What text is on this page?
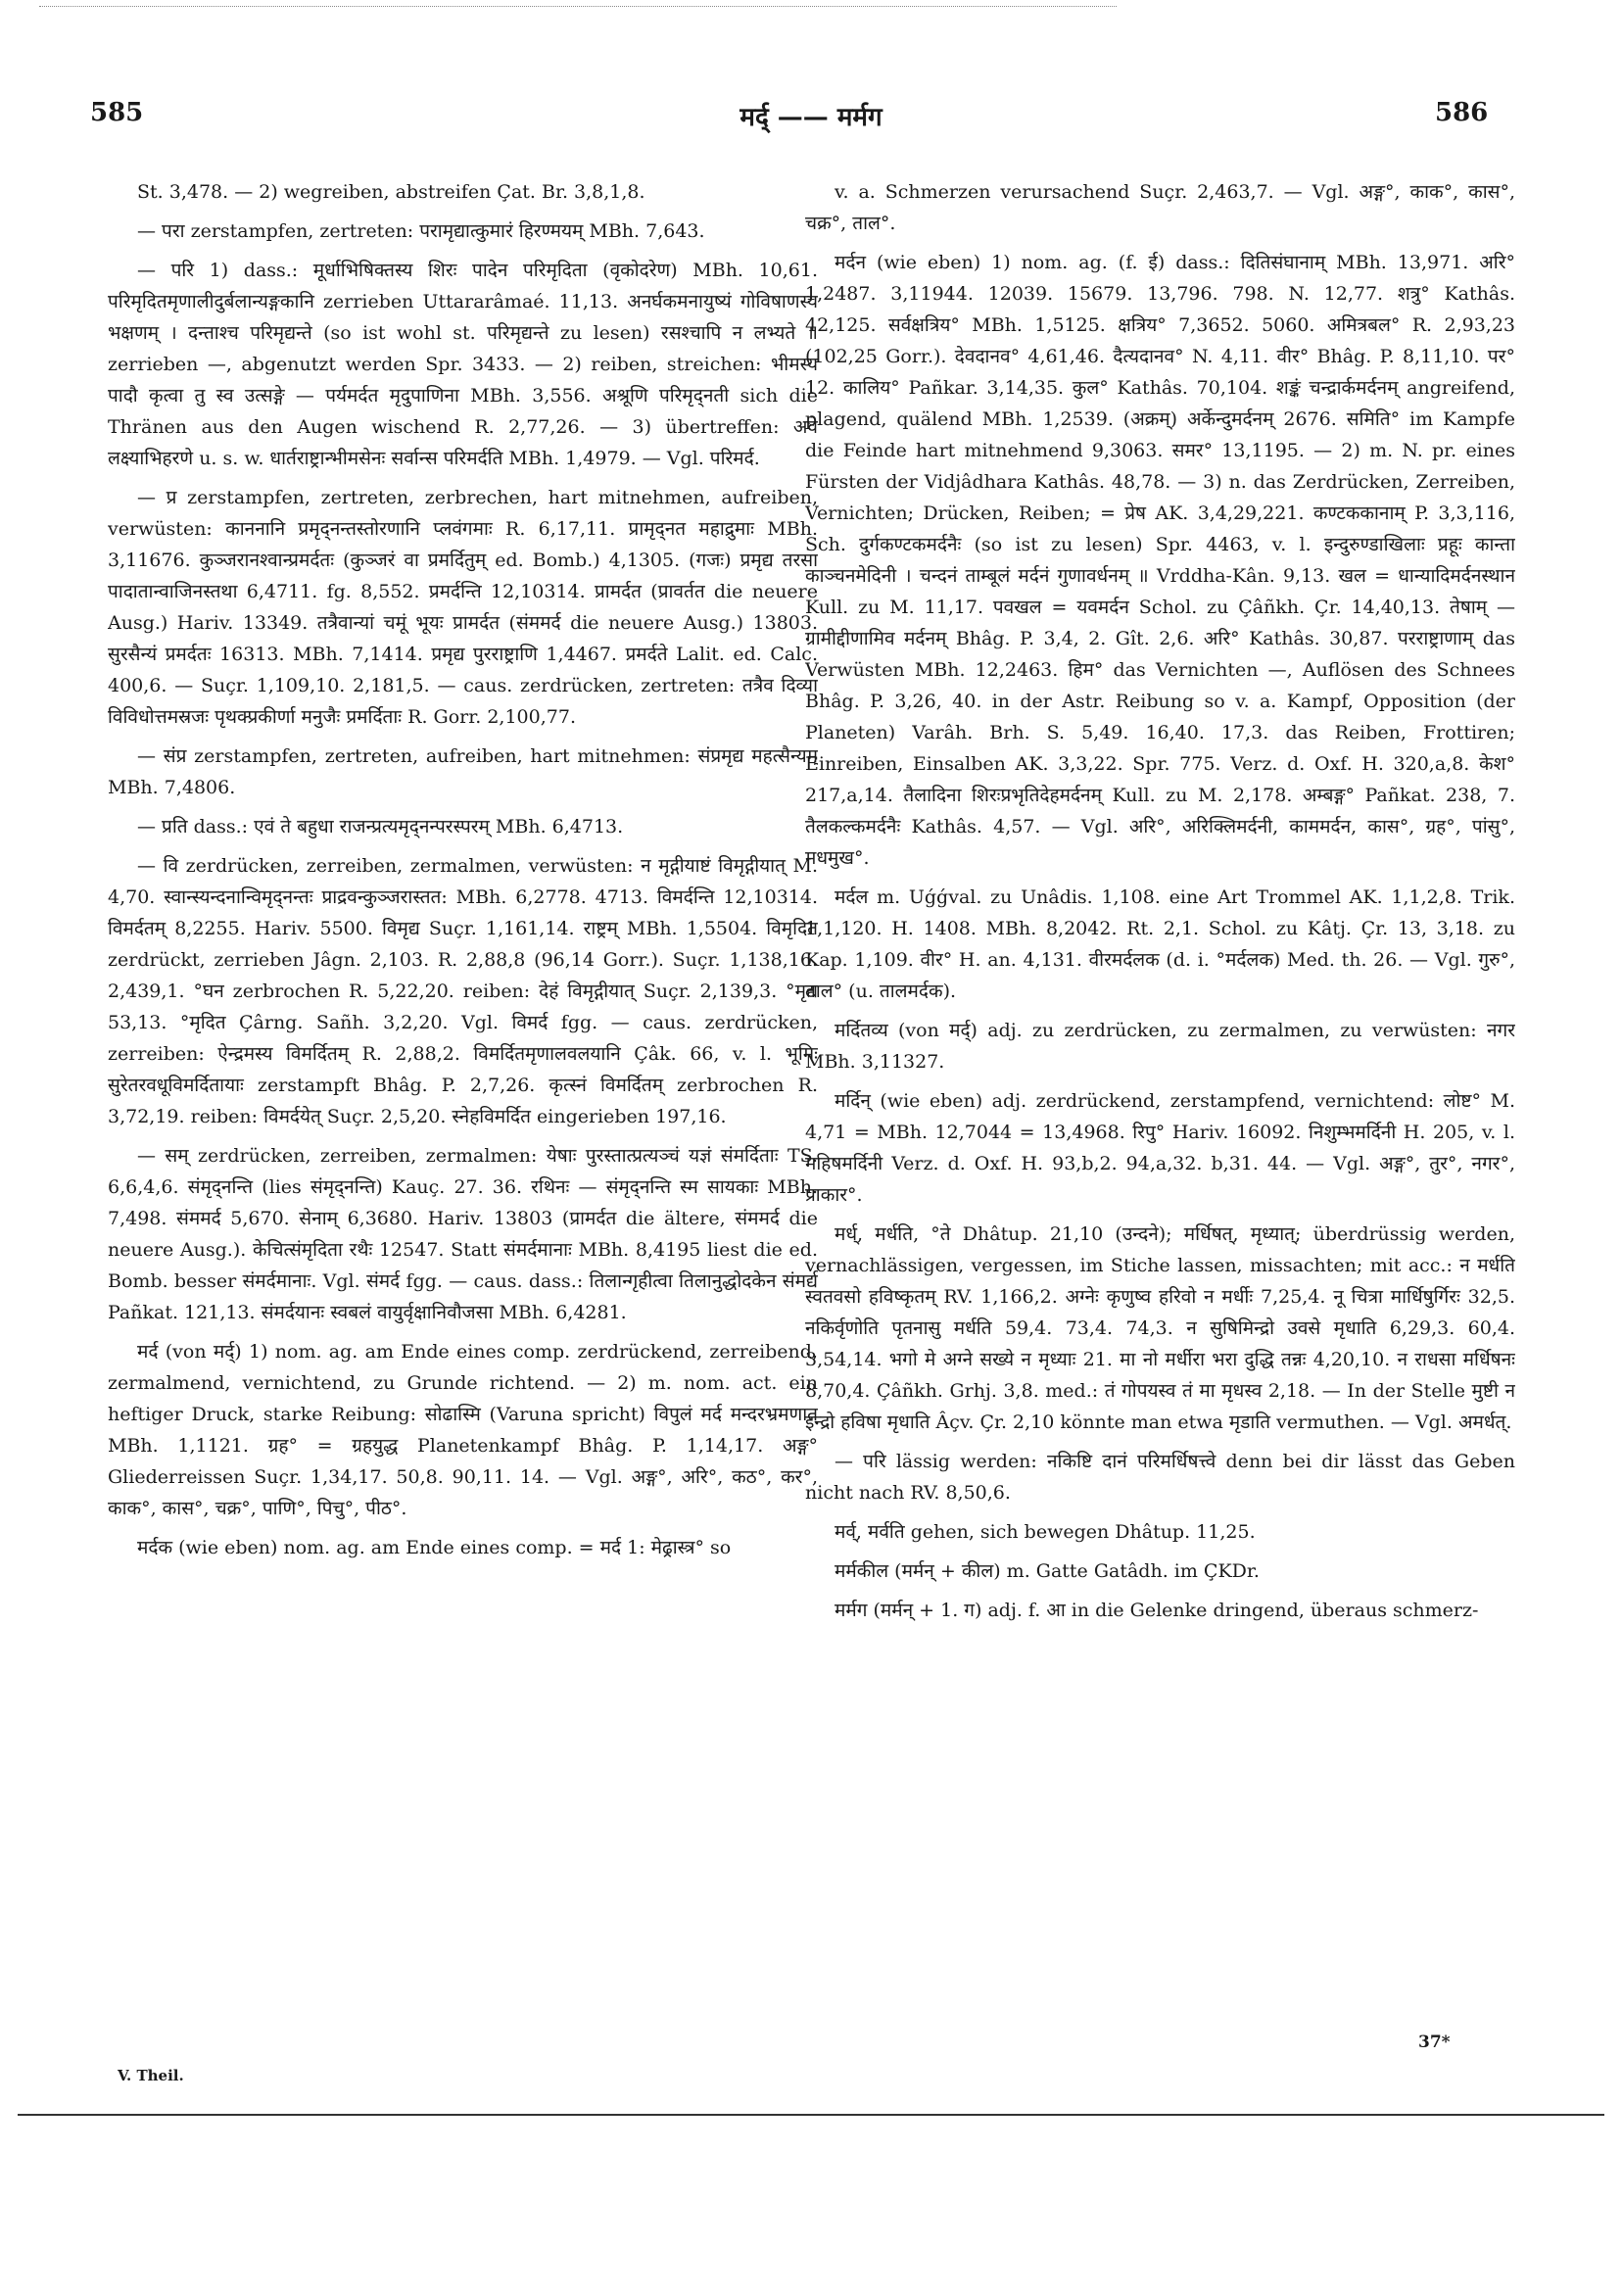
585	मर्द् —— मर्मग	586

St. 3,478. — 2) wegreiben, abstreifen Çat. Br. 3,8,1,8.

— परा zerstampfen, zertreten: परामृद्यात्कुमारं हिरण्मयम् MBh. 7,643.

— परि 1) dass.: मूर्धाभिषिक्तस्य शिरः पादेन परिमृदिता (वृकोदरेण) MBh. 10,61. परिमृदितमृणालीदुर्बलान्यङ्गकानि zerrieben Uttararâmaé. 11,13. अनर्घकमनायुष्यं गोविषाणस्य भक्षणम् । दन्ताश्च परिमृद्यन्ते (so ist wohl st. परिमृद्यन्ते zu lesen) रसश्चापि न लभ्यते ॥ zerrieben —, abgenutzt werden Spr. 3433. — 2) reiben, streichen: भीमस्य पादौ कृत्वा तु स्व उत्सङ्गे — पर्यमर्दत मृदुपाणिना MBh. 3,556. अश्रूणि परिमृद्नती sich die Thränen aus den Augen wischend R. 2,77,26. — 3) übertreffen: अवे लक्ष्याभिहरणे u. s. w. धार्तराष्ट्रान्भीमसेनः सर्वान्स परिमर्दति MBh. 1,4979. — Vgl. परिमर्द.

— प्र zerstampfen, zertreten, zerbrechen, hart mitnehmen, aufreiben, verwüsten: काननानि प्रमृद्नन्तस्तोरणानि प्लवंगमाः R. 6,17,11. प्रामृद्नत महाद्रुमाः MBh. 3,11676. कुञ्जरानश्वान्प्रमर्दतः (कुञ्जरं वा प्रमर्दितुम् ed. Bomb.) 4,1305. (गजः) प्रमृद्य तरसा पादातान्वाजिनस्तथा 6,4711. fg. 8,552. प्रमर्दन्ति 12,10314. प्रामर्दत (प्रावर्तत die neuere Ausg.) Hariv. 13349. तत्रैवान्यां चमूं भूयः प्रामर्दत (संममर्द die neuere Ausg.) 13803. सुरसैन्यं प्रमर्दतः 16313. MBh. 7,1414. प्रमृद्य पुरराष्ट्राणि 1,4467. प्रमर्दते Lalit. ed. Calc. 400,6. — Suçr. 1,109,10. 2,181,5. — caus. zerdrücken, zertreten: तत्रैव दिव्या विविधोत्तमस्रजः पृथक्प्रकीर्णा मनुजैः प्रमर्दिताः R. Gorr. 2,100,77.

— संप्र zerstampfen, zertreten, aufreiben, hart mitnehmen: संप्रमृद्य महत्सैन्यम् MBh. 7,4806.

— प्रति dass.: एवं ते बहुधा राजन्प्रत्यमृद्नन्परस्परम् MBh. 6,4713.

— वि zerdrücken, zerreiben, zermalmen, verwüsten: न मृद्गीयाष्टं विमृद्गीयात् M. 4,70. स्वान्स्यन्दनान्विमृद्नन्तः प्राद्रवन्कुञ्जरास्तत: MBh. 6,2778. 4713. विमर्दन्ति 12,10314. विमर्दतम् 8,2255. Hariv. 5500. विमृद्य Suçr. 1,161,14. राष्ट्रम् MBh. 1,5504. विमृदित zerdrückt, zerrieben Jâgn. 2,103. R. 2,88,8 (96,14 Gorr.). Suçr. 1,138,16. 2,439,1. °घन zerbrochen R. 5,22,20. reiben: देहं विमृद्गीयात् Suçr. 2,139,3. °मृद्य 53,13. °मृदित Çârng. Sañh. 3,2,20. Vgl. विमर्द fgg. — caus. zerdrücken, zerreiben: ऐन्द्रमस्य विमर्दितम् R. 2,88,2. विमर्दितमृणालवलयानि Çâk. 66, v. l. भूमिः सुरेतरवधूविमर्दितायाः zerstampft Bhâg. P. 2,7,26. कृत्स्नं विमर्दितम् zerbrochen R. 3,72,19. reiben: विमर्दयेत् Suçr. 2,5,20. स्नेहविमर्दित eingerieben 197,16.

— सम् zerdrücken, zerreiben, zermalmen: येषाः पुरस्तात्प्रत्यञ्चं यज्ञं संमर्दिताः TS. 6,6,4,6. संमृद्नन्ति (lies संमृद्नन्ति) Kauç. 27. 36. रथिनः — संमृद्नन्ति स्म सायकाः MBh. 7,498. संममर्द 5,670. सेनाम् 6,3680. Hariv. 13803 (प्रामर्दत die ältere, संममर्द die neuere Ausg.). केचित्संमृदिता रथैः 12547. Statt संमर्दमानाः MBh. 8,4195 liest die ed. Bomb. besser संमर्दमानाः. Vgl. संमर्द fgg. — caus. dass.: तिलान्गृहीत्वा तिलानुद्धोदकेन संमर्द्य Pañkat. 121,13. संमर्दयानः स्वबलं वायुर्वृक्षानिवौजसा MBh. 6,4281.

मर्द (von मर्द्) 1) nom. ag. am Ende eines comp. zerdrückend, zerreibend, zermalmend, vernichtend, zu Grunde richtend. — 2) m. nom. act. ein heftiger Druck, starke Reibung: सोढास्मि (Varuna spricht) विपुलं मर्द मन्दरभ्रमणात् MBh. 1,1121. ग्रह° = ग्रहयुद्ध Planetenkampf Bhâg. P. 1,14,17. अङ्ग° Gliederreissen Suçr. 1,34,17. 50,8. 90,11. 14. — Vgl. अङ्ग°, अरि°, कठ°, कर°, काक°, कास°, चक्र°, पाणि°, पिचु°, पीठ°.

मर्दक (wie eben) nom. ag. am Ende eines comp. = मर्द 1: मेढ्रास्त्र° so

v. a. Schmerzen verursachend Suçr. 2,463,7. — Vgl. अङ्ग°, काक°, कास°, चक्र°, ताल°.

मर्दन (wie eben) 1) nom. ag. (f. ई) dass.: दितिसंघानाम् MBh. 13,971. अरि° 1,2487. 3,11944. 12039. 15679. 13,796. 798. N. 12,77. शत्रु° Kathâs. 42,125. सर्वक्षत्रिय° MBh. 1,5125. क्षत्रिय° 7,3652. 5060. अमित्रबल° R. 2,93,23 (102,25 Gorr.). देवदानव° 4,61,46. दैत्यदानव° N. 4,11. वीर° Bhâg. P. 8,11,10. पर° 12. कालिय° Pañkar. 3,14,35. कुल° Kathâs. 70,104. शङ्कं चन्द्रार्कमर्दनम् angreifend, plagend, quälend MBh. 1,2539. (अक्रम्) अर्केन्दुमर्दनम् 2676. समिति° im Kampfe die Feinde hart mitnehmend 9,3063. समर° 13,1195. — 2) m. N. pr. eines Fürsten der Vidjâdhara Kathâs. 48,78. — 3) n. das Zerdrücken, Zerreiben, Vernichten; Drücken, Reiben; = प्रेष AK. 3,4,29,221. कण्टककानाम् P. 3,3,116, Sch. दुर्गकण्टकमर्दनैः (so ist zu lesen) Spr. 4463, v. l. इन्दुरुण्डाखिलाः प्रहूः कान्ता काञ्चनमेदिनी । चन्दनं ताम्बूलं मर्दनं गुणावर्धनम् ॥ Vrddha-Kân. 9,13. खल = धान्यादिमर्दनस्थान Kull. zu M. 11,17. पवखल = यवमर्दन Schol. zu Çâñkh. Çr. 14,40,13. तेषाम् — ग्रामीद्दीणामिव मर्दनम् Bhâg. P. 3,4, 2. Gît. 2,6. अरि° Kathâs. 30,87. परराष्ट्राणाम् das Verwüsten MBh. 12,2463. हिम° das Vernichten —, Auflösen des Schnees Bhâg. P. 3,26, 40. in der Astr. Reibung so v. a. Kampf, Opposition (der Planeten) Varâh. Brh. S. 5,49. 16,40. 17,3. das Reiben, Frottiren; Einreiben, Einsalben AK. 3,3,22. Spr. 775. Verz. d. Oxf. H. 320,a,8. केश° 217,a,14. तैलादिना शिरःप्रभृतिदेहमर्दनम् Kull. zu M. 2,178. अम्बङ्ग° Pañkat. 238, 7. तैलकल्कमर्दनैः Kathâs. 4,57. — Vgl. अरि°, अरिक्लिमर्दनी, काममर्दन, कास°, ग्रह°, पांसु°, मधमुख°.

मर्दल m. Uǵǵval. zu Unâdis. 1,108. eine Art Trommel AK. 1,1,2,8. Trik. 1,1,120. H. 1408. MBh. 8,2042. Rt. 2,1. Schol. zu Kâtj. Çr. 13, 3,18. zu Kap. 1,109. वीर° H. an. 4,131. वीरमर्दलक (d. i. °मर्दलक) Med. th. 26. — Vgl. गुरु°, ताल° (u. तालमर्दक).

मर्दितव्य (von मर्द्) adj. zu zerdrücken, zu zermalmen, zu verwüsten: नगर MBh. 3,11327.

मर्दिन् (wie eben) adj. zerdrückend, zerstampfend, vernichtend: लोष्ट° M. 4,71 = MBh. 12,7044 = 13,4968. रिपु° Hariv. 16092. निशुम्भमर्दिनी H. 205, v. l. महिषमर्दिनी Verz. d. Oxf. H. 93,b,2. 94,a,32. b,31. 44. — Vgl. अङ्ग°, तुर°, नगर°, प्राकार°.

मर्ध्, मर्धति, °ते Dhâtup. 21,10 (उन्दने); मर्धिषत्, मृध्यात्; überdrüssig werden, vernachlässigen, vergessen, im Stiche lassen, missachten; mit acc.: न मर्धति स्वतवसो हविष्कृतम् RV. 1,166,2. अग्नेः कृणुष्व हरिवो न मर्धीः 7,25,4. नू चित्रा मार्धिषुर्गिरः 32,5. नकिर्वृणोति पृतनासु मर्धति 59,4. 73,4. 74,3. न सुषिमिन्द्रो उवसे मृधाति 6,29,3. 60,4. 3,54,14. भगो मे अग्ने सख्ये न मृध्याः 21. मा नो मर्धीरा भरा दुद्धि तन्नः 4,20,10. न राधसा मर्धिषनः 8,70,4. Çâñkh. Grhj. 3,8. med.: तं गोपयस्व तं मा मृधस्व 2,18. — In der Stelle मुष्टी न इन्द्रो हविषा मृधाति Âçv. Çr. 2,10 könnte man etwa मृडाति vermuthen. — Vgl. अमर्धत्.

— परि lässig werden: नकिष्टि दानं परिमर्धिषत्त्वे denn bei dir lässt das Geben nicht nach RV. 8,50,6.

मर्व्, मर्वति gehen, sich bewegen Dhâtup. 11,25.

मर्मकील (मर्मन् + कील) m. Gatte Gatâdh. im ÇKDr.

मर्मग (मर्मन् + 1. ग) adj. f. आ in die Gelenke dringend, überaus schmerz-

V. Theil.
37*
